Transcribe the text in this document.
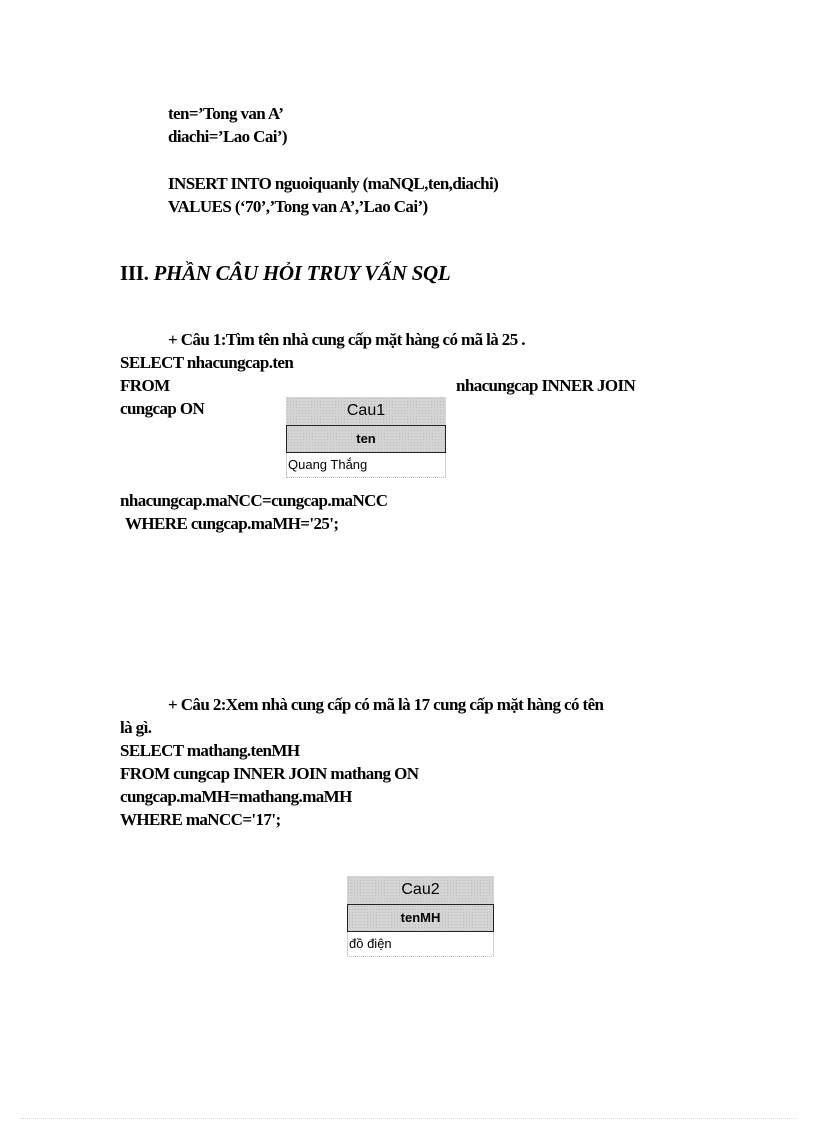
ten=’Tong van A’
diachi=’Lao Cai’)
INSERT INTO nguoiquanly (maNQL,ten,diachi)
VALUES (‘70’,’Tong van A’,’Lao Cai’)
III. PHẦN CÂU HỎI TRUY VẤN SQL
+ Câu 1:Tìm tên nhà cung cấp mặt hàng có mã là 25 .
SELECT nhacungcap.ten
FROM	nhacungcap INNER JOIN
cungcap ON	Cau1
ten
Quang Thắng
nhacungcap.maNCC=cungcap.maNCC
WHERE cungcap.maMH='25';
+ Câu 2:Xem nhà cung cấp có mã là 17 cung cấp mặt hàng có tên
là gì.
SELECT mathang.tenMH
FROM cungcap INNER JOIN mathang ON
cungcap.maMH=mathang.maMH
WHERE maNCC='17';
Cau2
tenMH
đồ điện
